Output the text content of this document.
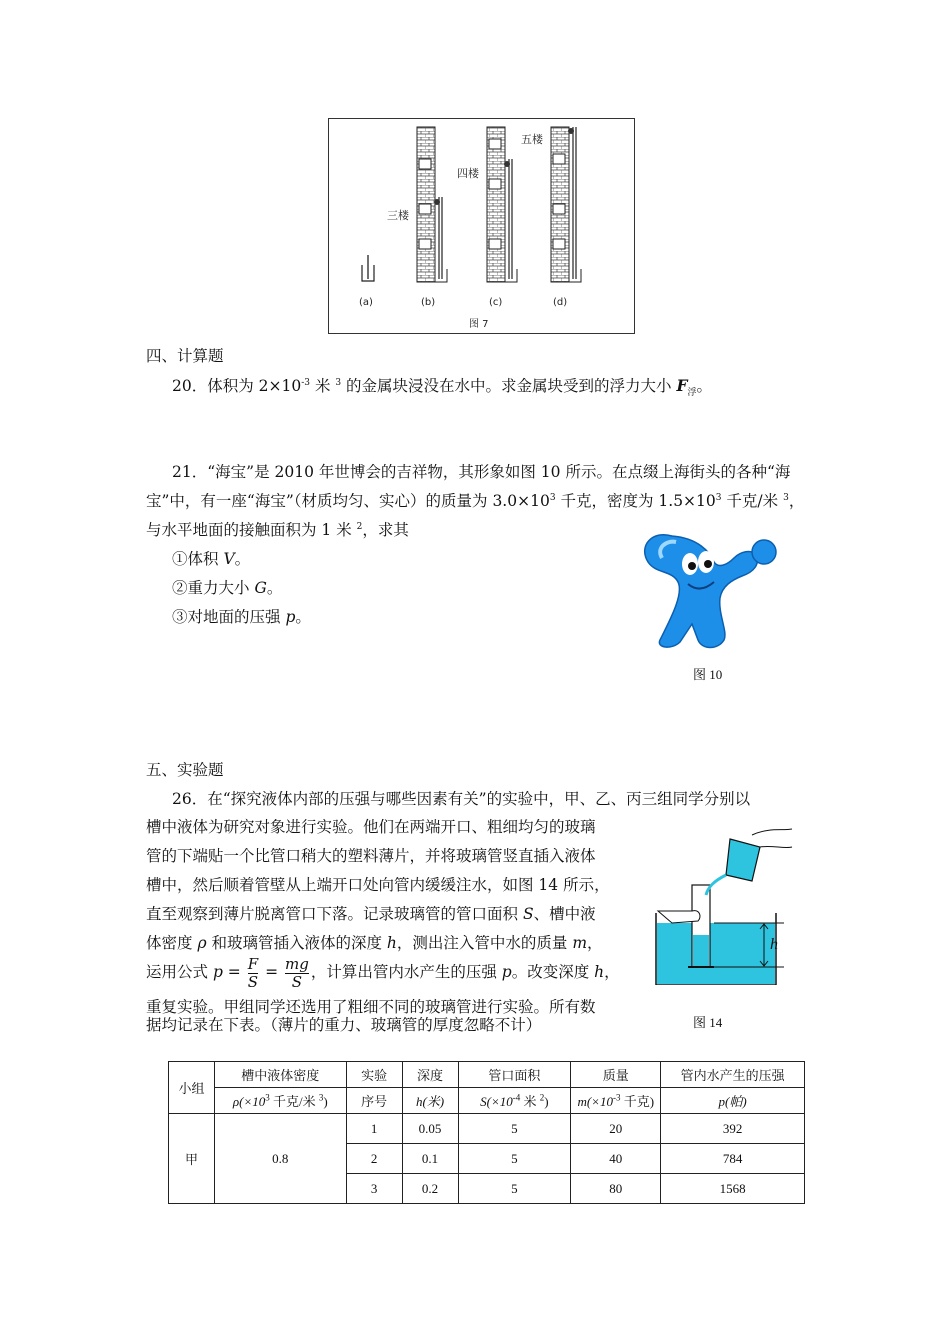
三楼
四楼
五楼
(a)	(b)	(c)	(d)
图 7
四、计算题
20．体积为 $2\times 10^{-3}$ 米 $^3$ 的金属块浸没在水中。求金属块受到的浮力大小 $F_浮$。
21．“海宝”是 2010 年世博会的吉祥物，其形象如图 10 所示。在点缀上海街头的各种“海
宝”中，有一座“海宝”（材质均匀、实心）的质量为 $3.0\times 10^3$ 千克，密度为 $1.5\times 10^3$ 千克/米 $^3$，
与水平地面的接触面积为 1 米 $^2$，求其
①体积 V。
②重力大小 G。
③对地面的压强 p。
图 10
五、实验题
26．在“探究液体内部的压强与哪些因素有关”的实验中，甲、乙、丙三组同学分别以
槽中液体为研究对象进行实验。他们在两端开口、粗细均匀的玻璃
管的下端贴一个比管口稍大的塑料薄片，并将玻璃管竖直插入液体
槽中，然后顺着管壁从上端开口处向管内缓缓注水，如图 14 所示，
直至观察到薄片脱离管口下落。记录玻璃管的管口面积 S、槽中液
体密度 ρ 和玻璃管插入液体的深度 h，测出注入管中水的质量 m，
运用公式 $p = \frac{F}{S} = \frac{mg}{S}$ ，计算出管内水产生的压强 p。改变深度 h，
重复实验。甲组同学还选用了粗细不同的玻璃管进行实验。所有数
据均记录在下表。（薄片的重力、玻璃管的厚度忽略不计）
h
图 14
小组	槽中液体密度	实验	深度	管口面积	质量	管内水产生的压强
	$\rho(\times 10^3$ 千克/米 $^3$)	序号	h(米)	$S(\times 10^{-4}$ 米 $^2$)	$m(\times 10^{-3}$ 千克)	p(帕)
甲	0.8	1	0.05	5	20	392
		2	0.1	5	40	784
		3	0.2	5	80	1568
